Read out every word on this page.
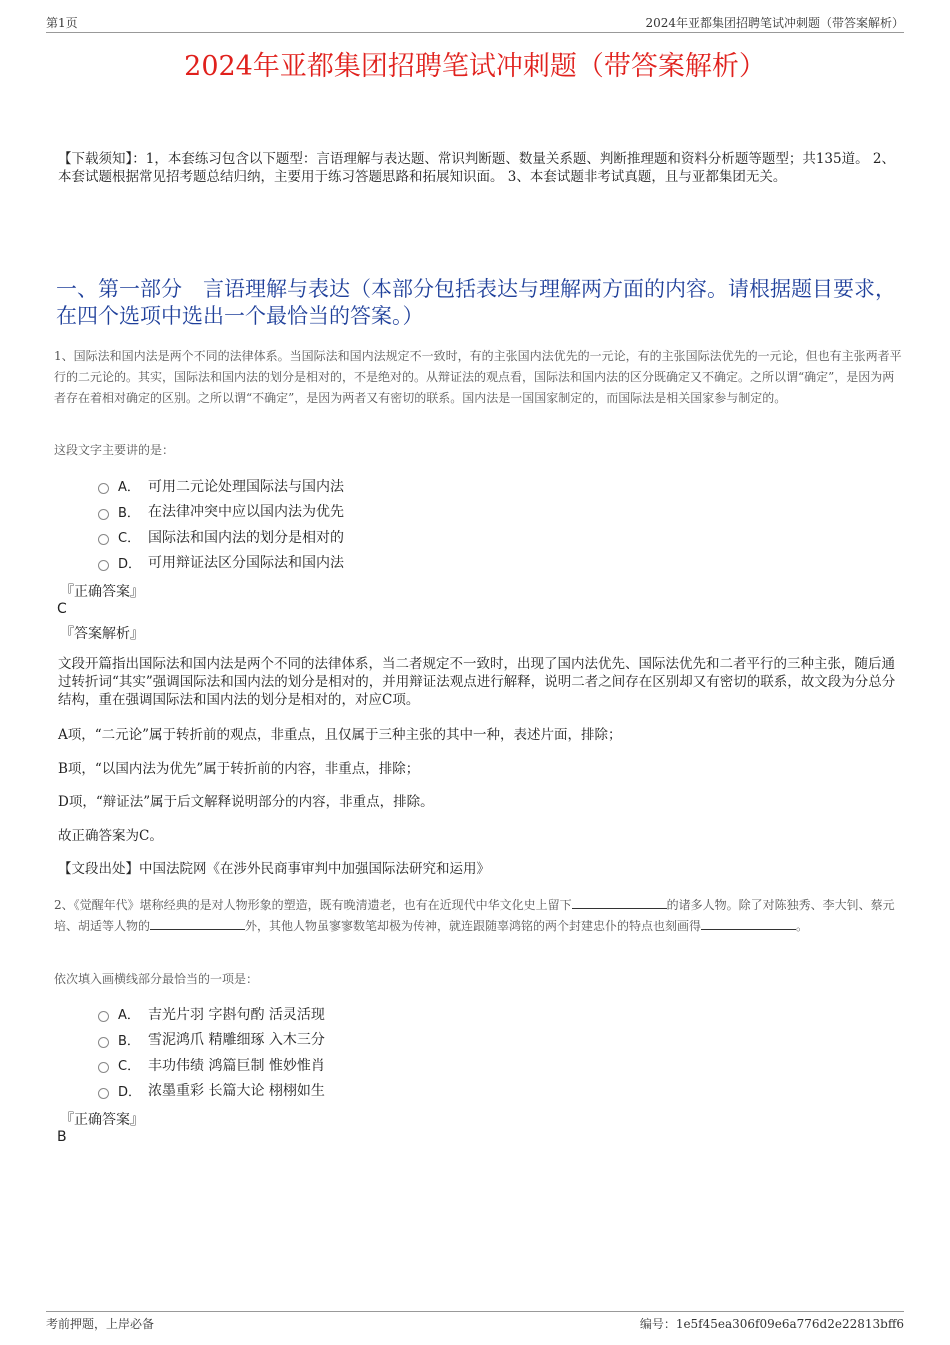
第1页	2024年亚都集团招聘笔试冲刺题（带答案解析）
2024年亚都集团招聘笔试冲刺题（带答案解析）
【下载须知】：1，本套练习包含以下题型：言语理解与表达题、常识判断题、数量关系题、判断推理题和资料分析题等题型；共135道。 2、本套试题根据常见招考题总结归纳，主要用于练习答题思路和拓展知识面。 3、本套试题非考试真题，且与亚都集团无关。
一、第一部分　言语理解与表达（本部分包括表达与理解两方面的内容。请根据题目要求，在四个选项中选出一个最恰当的答案。）
1、国际法和国内法是两个不同的法律体系。当国际法和国内法规定不一致时，有的主张国内法优先的一元论，有的主张国际法优先的一元论，但也有主张两者平行的二元论的。其实，国际法和国内法的划分是相对的，不是绝对的。从辩证法的观点看，国际法和国内法的区分既确定又不确定。之所以谓“确定”，是因为两者存在着相对确定的区别。之所以谓“不确定”，是因为两者又有密切的联系。国内法是一国国家制定的，而国际法是相关国家参与制定的。
这段文字主要讲的是：
A． 可用二元论处理国际法与国内法
B． 在法律冲突中应以国内法为优先
C． 国际法和国内法的划分是相对的
D． 可用辩证法区分国际法和国内法
『正确答案』
C
『答案解析』
文段开篇指出国际法和国内法是两个不同的法律体系，当二者规定不一致时，出现了国内法优先、国际法优先和二者平行的三种主张，随后通过转折词“其实”强调国际法和国内法的划分是相对的，并用辩证法观点进行解释，说明二者之间存在区别却又有密切的联系，故文段为分总分结构，重在强调国际法和国内法的划分是相对的，对应C项。
A项，“二元论”属于转折前的观点，非重点，且仅属于三种主张的其中一种，表述片面，排除；
B项，“以国内法为优先”属于转折前的内容，非重点，排除；
D项，“辩证法”属于后文解释说明部分的内容，非重点，排除。
故正确答案为C。
【文段出处】中国法院网《在涉外民商事审判中加强国际法研究和运用》
2、《觉醒年代》堪称经典的是对人物形象的塑造，既有晚清遗老，也有在近现代中华文化史上留下	的诸多人物。除了对陈独秀、李大钊、蔡元培、胡适等人物的	外，其他人物虽寥寥数笔却极为传神，就连跟随辜鸿铭的两个封建忠仆的特点也刻画得	。
依次填入画横线部分最恰当的一项是：
A． 吉光片羽 字斟句酌 活灵活现
B． 雪泥鸿爪 精雕细琢 入木三分
C． 丰功伟绩 鸿篇巨制 惟妙惟肖
D． 浓墨重彩 长篇大论 栩栩如生
『正确答案』
B
考前押题，上岸必备	编号：1e5f45ea306f09e6a776d2e22813bff6
